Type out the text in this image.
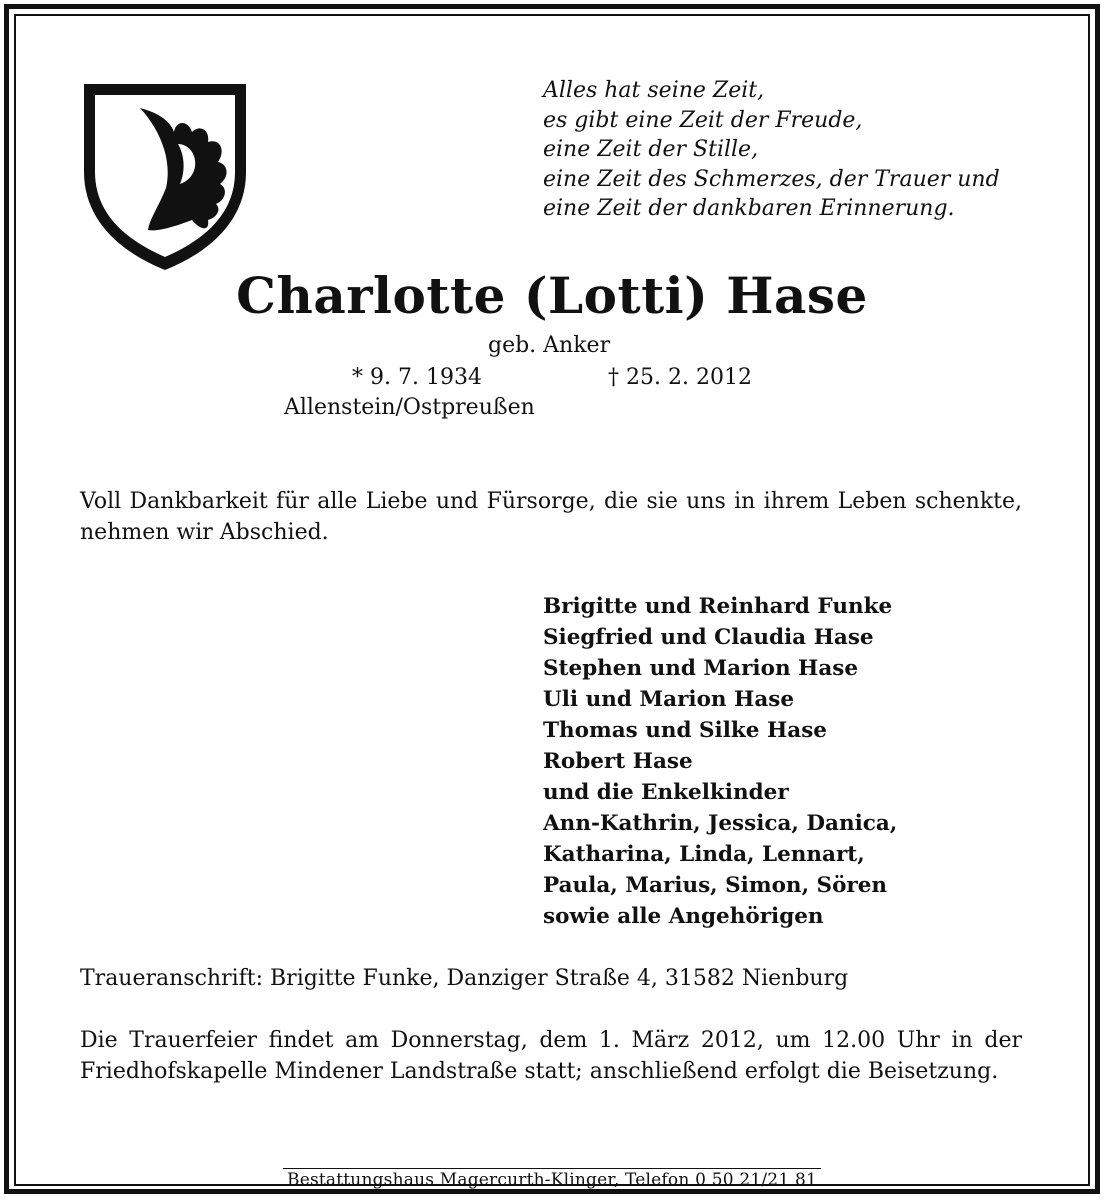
Alles hat seine Zeit,
es gibt eine Zeit der Freude,
eine Zeit der Stille,
eine Zeit des Schmerzes, der Trauer und
eine Zeit der dankbaren Erinnerung.
Charlotte (Lotti) Hase
geb. Anker
* 9. 7. 1934	† 25. 2. 2012
Allenstein/Ostpreußen
Voll Dankbarkeit für alle Liebe und Fürsorge, die sie uns in ihrem Leben schenkte, nehmen wir Abschied.
Brigitte und Reinhard Funke
Siegfried und Claudia Hase
Stephen und Marion Hase
Uli und Marion Hase
Thomas und Silke Hase
Robert Hase
und die Enkelkinder
Ann-Kathrin, Jessica, Danica,
Katharina, Linda, Lennart,
Paula, Marius, Simon, Sören
sowie alle Angehörigen
Traueranschrift: Brigitte Funke, Danziger Straße 4, 31582 Nienburg
Die Trauerfeier findet am Donnerstag, dem 1. März 2012, um 12.00 Uhr in der Friedhofskapelle Mindener Landstraße statt; anschließend erfolgt die Beisetzung.
Bestattungshaus Magercurth-Klinger, Telefon 0 50 21/21 81
